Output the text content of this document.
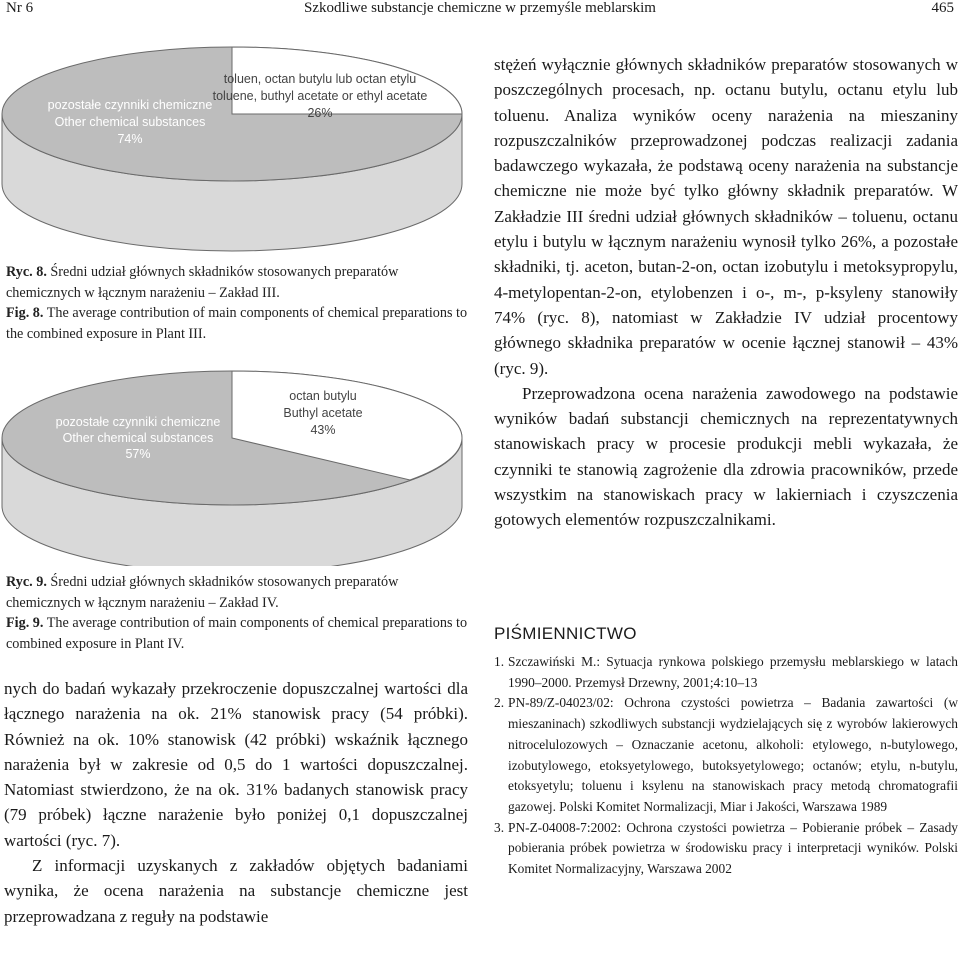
Nr 6	Szkodliwe substancje chemiczne w przemyśle meblarskim	465
pozostałe czynniki chemiczne
Other chemical substances
74%
toluen, octan butylu lub octan etylu
toluene, buthyl acetate or ethyl acetate
26%
Ryc. 8. Średni udział głównych składników stosowanych preparatów chemicznych w łącznym narażeniu – Zakład III.
Fig. 8. The average contribution of main components of chemical preparations to the combined exposure in Plant III.
pozostałe czynniki chemiczne
Other chemical substances
57%
octan butylu
Buthyl acetate
43%
Ryc. 9. Średni udział głównych składników stosowanych preparatów chemicznych w łącznym narażeniu – Zakład IV.
Fig. 9. The average contribution of main components of chemical preparations to combined exposure in Plant IV.

nych do badań wykazały przekroczenie dopuszczalnej wartości dla łącznego narażenia na ok. 21% stanowisk pracy (54 próbki). Również na ok. 10% stanowisk (42 próbki) wskaźnik łącznego narażenia był w zakresie od 0,5 do 1 wartości dopuszczalnej. Natomiast stwierdzono, że na ok. 31% badanych stanowisk pracy (79 próbek) łączne narażenie było poniżej 0,1 dopuszczalnej wartości (ryc. 7).

Z informacji uzyskanych z zakładów objętych badaniami wynika, że ocena narażenia na substancje chemiczne jest przeprowadzana z reguły na podstawie

stężeń wyłącznie głównych składników preparatów stosowanych w poszczególnych procesach, np. octanu butylu, octanu etylu lub toluenu. Analiza wyników oceny narażenia na mieszaniny rozpuszczalników przeprowadzonej podczas realizacji zadania badawczego wykazała, że podstawą oceny narażenia na substancje chemiczne nie może być tylko główny składnik preparatów. W Zakładzie III średni udział głównych składników – toluenu, octanu etylu i butylu w łącznym narażeniu wynosił tylko 26%, a pozostałe składniki, tj. aceton, butan-2-on, octan izobutylu i metoksypropylu, 4-metylopentan-2-on, etylobenzen i o-, m-, p-ksyleny stanowiły 74% (ryc. 8), natomiast w Zakładzie IV udział procentowy głównego składnika preparatów w ocenie łącznej stanowił – 43% (ryc. 9).

Przeprowadzona ocena narażenia zawodowego na podstawie wyników badań substancji chemicznych na reprezentatywnych stanowiskach pracy w procesie produkcji mebli wykazała, że czynniki te stanowią zagrożenie dla zdrowia pracowników, przede wszystkim na stanowiskach pracy w lakierniach i czyszczenia gotowych elementów rozpuszczalnikami.

PIŚMIENNICTWO
1. Szczawiński M.: Sytuacja rynkowa polskiego przemysłu meblarskiego w latach 1990–2000. Przemysł Drzewny, 2001;4:10–13
2. PN-89/Z-04023/02: Ochrona czystości powietrza – Badania zawartości (w mieszaninach) szkodliwych substancji wydzielających się z wyrobów lakierowych nitrocelulozowych – Oznaczanie acetonu, alkoholi: etylowego, n-butylowego, izobutylowego, etoksyetylowego, butoksyetylowego; octanów; etylu, n-butylu, etoksyetylu; toluenu i ksylenu na stanowiskach pracy metodą chromatografii gazowej. Polski Komitet Normalizacji, Miar i Jakości, Warszawa 1989
3. PN-Z-04008-7:2002: Ochrona czystości powietrza – Pobieranie próbek – Zasady pobierania próbek powietrza w środowisku pracy i interpretacji wyników. Polski Komitet Normalizacyjny, Warszawa 2002
